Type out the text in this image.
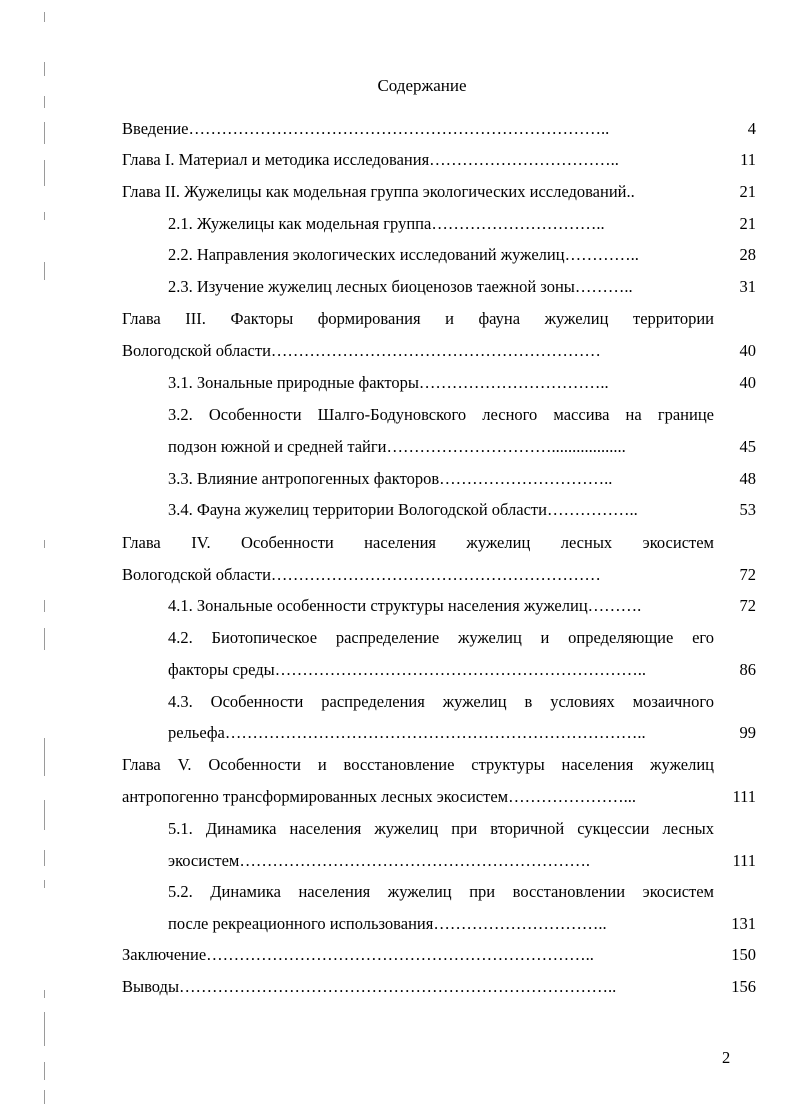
Содержание
Введение…………………………………………………………………..	4
Глава I. Материал и методика исследования……………………………..	11
Глава II. Жужелицы как модельная группа экологических исследований..	21
2.1. Жужелицы как модельная группа…………………………..	21
2.2. Направления экологических исследований жужелиц…………..	28
2.3. Изучение жужелиц лесных биоценозов таежной зоны………..	31
Глава III. Факторы формирования и фауна жужелиц территории
Вологодской области……………………………………………………	40
3.1. Зональные природные факторы……………………………..	40
3.2. Особенности Шалго-Бодуновского лесного массива на границе
подзон южной и средней тайги…………………………..................	45
3.3. Влияние антропогенных факторов…………………………..	48
3.4. Фауна жужелиц территории Вологодской области……………..	53
Глава IV. Особенности населения жужелиц лесных экосистем
Вологодской области……………………………………………………	72
4.1. Зональные особенности структуры населения жужелиц……….	72
4.2. Биотопическое распределение жужелиц и определяющие его
факторы среды…………………………………………………………..	86
4.3. Особенности распределения жужелиц в условиях мозаичного
рельефа…………………………………………………………………..	99
Глава V. Особенности и восстановление структуры населения жужелиц
антропогенно трансформированных лесных экосистем…………………...	111
5.1. Динамика населения жужелиц при вторичной сукцессии лесных
экосистем……………………………………………………….	111
5.2. Динамика населения жужелиц при восстановлении экосистем
после рекреационного использования…………………………..	131
Заключение……………………………………………………………..	150
Выводы……………………………………………………………………..	156
2
